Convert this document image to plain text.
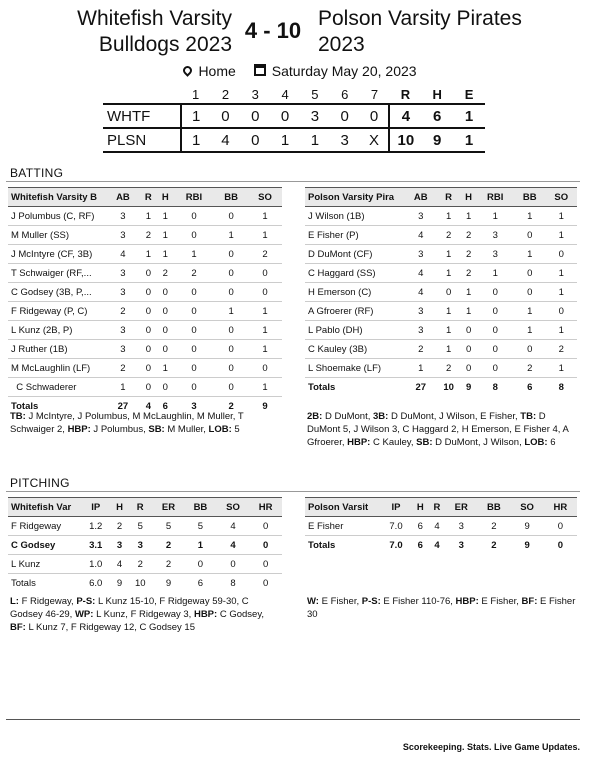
Whitefish Varsity
Bulldogs 2023
4 - 10 Polson Varsity Pirates
2023
Home	Saturday May 20, 2023
	1	2	3	4	5	6	7	R	H	E
WHTF	1	0	0	0	3	0	0	4	6	1
PLSN	1	4	0	1	1	3	X	10	9	1
BATTING
Whitefish Varsity B	AB	R	H	RBI	BB	SO
J Polumbus (C, RF)	3	1	1	0	0	1
M Muller (SS)	3	2	1	0	1	1
J McIntyre (CF, 3B)	4	1	1	1	0	2
T Schwaiger (RF,...	3	0	2	2	0	0
C Godsey (3B, P,...	3	0	0	0	0	0
F Ridgeway (P, C)	2	0	0	0	1	1
L Kunz (2B, P)	3	0	0	0	0	1
J Ruther (1B)	3	0	0	0	0	1
M McLaughlin (LF)	2	0	1	0	0	0
C Schwaderer	1	0	0	0	0	1
Totals	27	4	6	3	2	9
Polson Varsity Pira	AB	R	H	RBI	BB	SO
J Wilson (1B)	3	1	1	1	1	1
E Fisher (P)	4	2	2	3	0	1
D DuMont (CF)	3	1	2	3	1	0
C Haggard (SS)	4	1	2	1	0	1
H Emerson (C)	4	0	1	0	0	1
A Gfroerer (RF)	3	1	1	0	1	0
L Pablo (DH)	3	1	0	0	1	1
C Kauley (3B)	2	1	0	0	0	2
L Shoemake (LF)	1	2	0	0	2	1
Totals	27	10	9	8	6	8
TB: J McIntyre, J Polumbus, M McLaughlin, M Muller, T Schwaiger 2, HBP: J Polumbus, SB: M Muller, LOB: 5
2B: D DuMont, 3B: D DuMont, J Wilson, E Fisher, TB: D DuMont 5, J Wilson 3, C Haggard 2, H Emerson, E Fisher 4, A Gfroerer, HBP: C Kauley, SB: D DuMont, J Wilson, LOB: 6
PITCHING
Whitefish Var	IP	H	R	ER	BB	SO	HR
F Ridgeway	1.2	2	5	5	5	4	0
C Godsey	3.1	3	3	2	1	4	0
L Kunz	1.0	4	2	2	0	0	0
Totals	6.0	9	10	9	6	8	0
Polson Varsit	IP	H	R	ER	BB	SO	HR
E Fisher	7.0	6	4	3	2	9	0
Totals	7.0	6	4	3	2	9	0
L: F Ridgeway, P-S: L Kunz 15-10, F Ridgeway 59-30, C Godsey 46-29, WP: L Kunz, F Ridgeway 3, HBP: C Godsey, BF: L Kunz 7, F Ridgeway 12, C Godsey 15
W: E Fisher, P-S: E Fisher 110-76, HBP: E Fisher, BF: E Fisher 30
Scorekeeping. Stats. Live Game Updates.
